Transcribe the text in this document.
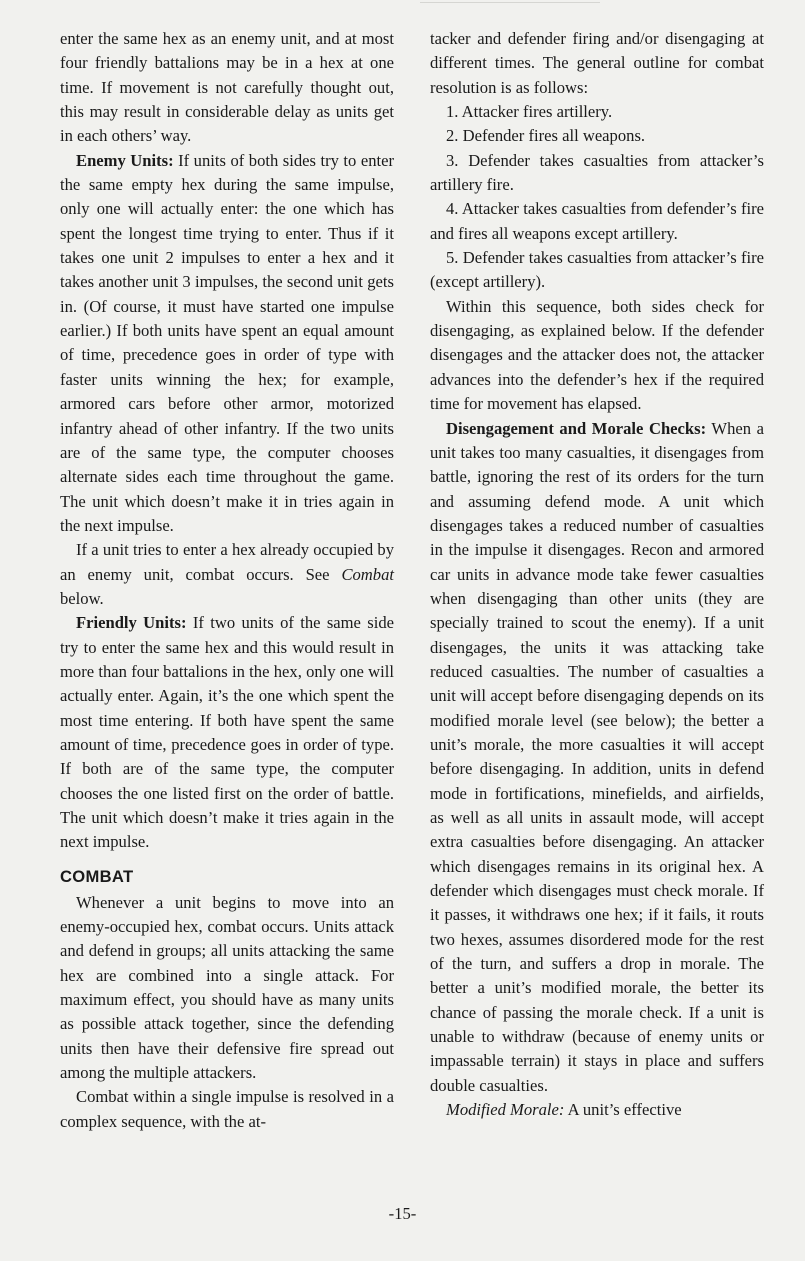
enter the same hex as an enemy unit, and at most four friendly battalions may be in a hex at one time. If movement is not carefully thought out, this may result in considerable delay as units get in each others’ way.

Enemy Units: If units of both sides try to enter the same empty hex during the same impulse, only one will actually enter: the one which has spent the longest time trying to enter. Thus if it takes one unit 2 impulses to enter a hex and it takes another unit 3 impulses, the second unit gets in. (Of course, it must have started one impulse earlier.) If both units have spent an equal amount of time, precedence goes in order of type with faster units winning the hex; for example, armored cars before other armor, motorized infantry ahead of other infantry. If the two units are of the same type, the computer chooses alternate sides each time throughout the game. The unit which doesn’t make it in tries again in the next impulse.

If a unit tries to enter a hex already occupied by an enemy unit, combat occurs. See Combat below.

Friendly Units: If two units of the same side try to enter the same hex and this would result in more than four battalions in the hex, only one will actually enter. Again, it’s the one which spent the most time entering. If both have spent the same amount of time, precedence goes in order of type. If both are of the same type, the computer chooses the one listed first on the order of battle. The unit which doesn’t make it tries again in the next impulse.

COMBAT

Whenever a unit begins to move into an enemy-occupied hex, combat occurs. Units attack and defend in groups; all units attacking the same hex are combined into a single attack. For maximum effect, you should have as many units as possible attack together, since the defending units then have their defensive fire spread out among the multiple attackers.

Combat within a single impulse is resolved in a complex sequence, with the at-

tacker and defender firing and/or disengaging at different times. The general outline for combat resolution is as follows:

1. Attacker fires artillery.

2. Defender fires all weapons.

3. Defender takes casualties from attacker’s artillery fire.

4. Attacker takes casualties from defender’s fire and fires all weapons except artillery.

5. Defender takes casualties from attacker’s fire (except artillery).

Within this sequence, both sides check for disengaging, as explained below. If the defender disengages and the attacker does not, the attacker advances into the defender’s hex if the required time for movement has elapsed.

Disengagement and Morale Checks: When a unit takes too many casualties, it disengages from battle, ignoring the rest of its orders for the turn and assuming defend mode. A unit which disengages takes a reduced number of casualties in the impulse it disengages. Recon and armored car units in advance mode take fewer casualties when disengaging than other units (they are specially trained to scout the enemy). If a unit disengages, the units it was attacking take reduced casualties. The number of casualties a unit will accept before disengaging depends on its modified morale level (see below); the better a unit’s morale, the more casualties it will accept before disengaging. In addition, units in defend mode in fortifications, minefields, and airfields, as well as all units in assault mode, will accept extra casualties before disengaging. An attacker which disengages remains in its original hex. A defender which disengages must check morale. If it passes, it withdraws one hex; if it fails, it routs two hexes, assumes disordered mode for the rest of the turn, and suffers a drop in morale. The better a unit’s modified morale, the better its chance of passing the morale check. If a unit is unable to withdraw (because of enemy units or impassable terrain) it stays in place and suffers double casualties.

Modified Morale: A unit’s effective

-15-
